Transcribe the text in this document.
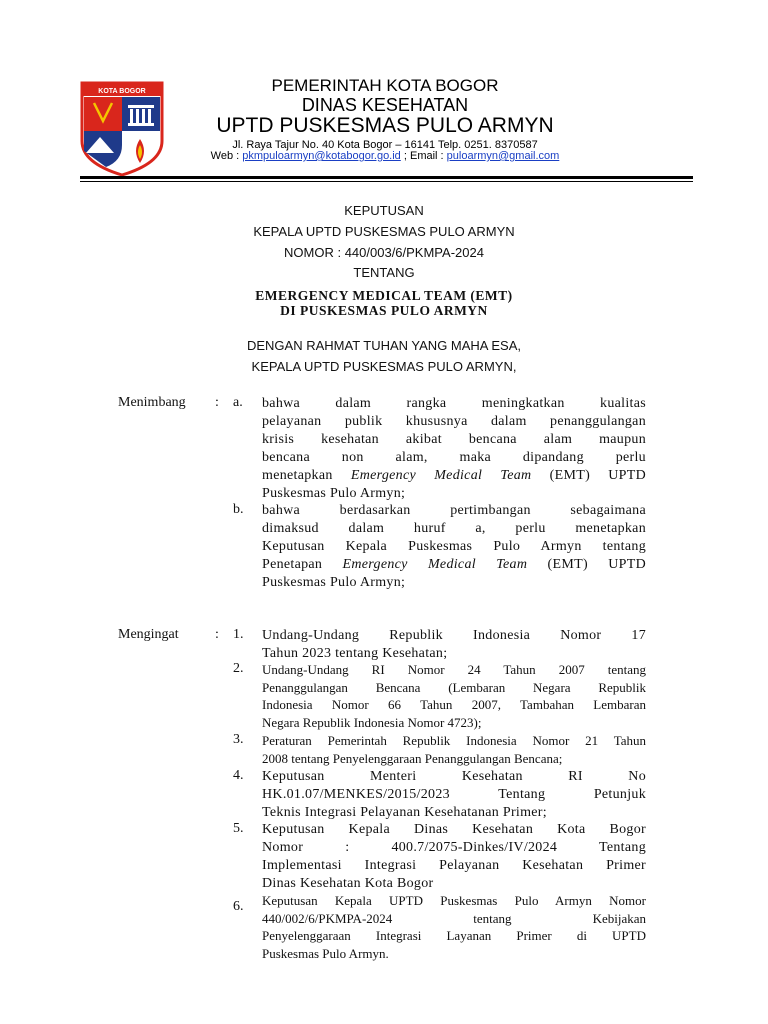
KOTA BOGOR	PEMERINTAH KOTA BOGOR
DINAS KESEHATAN
UPTD PUSKESMAS PULO ARMYN
Jl. Raya Tajur No. 40 Kota Bogor – 16141 Telp. 0251. 8370587
Web : pkmpuloarmyn@kotabogor.go.id ; Email : puloarmyn@gmail.com
KEPUTUSAN
KEPALA UPTD PUSKESMAS PULO ARMYN
NOMOR : 440/003/6/PKMPA-2024
TENTANG
EMERGENCY MEDICAL TEAM (EMT)
DI PUSKESMAS PULO ARMYN
DENGAN RAHMAT TUHAN YANG MAHA ESA,
KEPALA UPTD PUSKESMAS PULO ARMYN,
Menimbang : a. bahwa dalam rangka meningkatkan kualitas
pelayanan publik khususnya dalam penanggulangan
krisis kesehatan akibat bencana alam maupun
bencana non alam, maka dipandang perlu
menetapkan Emergency Medical Team (EMT) UPTD
Puskesmas Pulo Armyn;
b. bahwa berdasarkan pertimbangan sebagaimana
dimaksud dalam huruf a, perlu menetapkan
Keputusan Kepala Puskesmas Pulo Armyn tentang
Penetapan Emergency Medical Team (EMT) UPTD
Puskesmas Pulo Armyn;
Mengingat	: 1. Undang-Undang Republik Indonesia Nomor 17
Tahun 2023 tentang Kesehatan;
2. Undang-Undang RI Nomor 24 Tahun 2007 tentang
Penanggulangan Bencana (Lembaran Negara Republik
Indonesia Nomor 66 Tahun 2007, Tambahan Lembaran
Negara Republik Indonesia Nomor 4723);
3. Peraturan Pemerintah Republik Indonesia Nomor 21 Tahun
2008 tentang Penyelenggaraan Penanggulangan Bencana;
4. Keputusan Menteri Kesehatan RI No
HK.01.07/MENKES/2015/2023 Tentang Petunjuk
Teknis Integrasi Pelayanan Kesehatanan Primer;
5. Keputusan Kepala Dinas Kesehatan Kota Bogor
Nomor : 400.7/2075-Dinkes/IV/2024 Tentang
Implementasi Integrasi Pelayanan Kesehatan Primer
Dinas Kesehatan Kota Bogor
6. Keputusan Kepala UPTD Puskesmas Pulo Armyn Nomor
440/002/6/PKMPA-2024 tentang Kebijakan
Penyelenggaraan Integrasi Layanan Primer di UPTD
Puskesmas Pulo Armyn.
